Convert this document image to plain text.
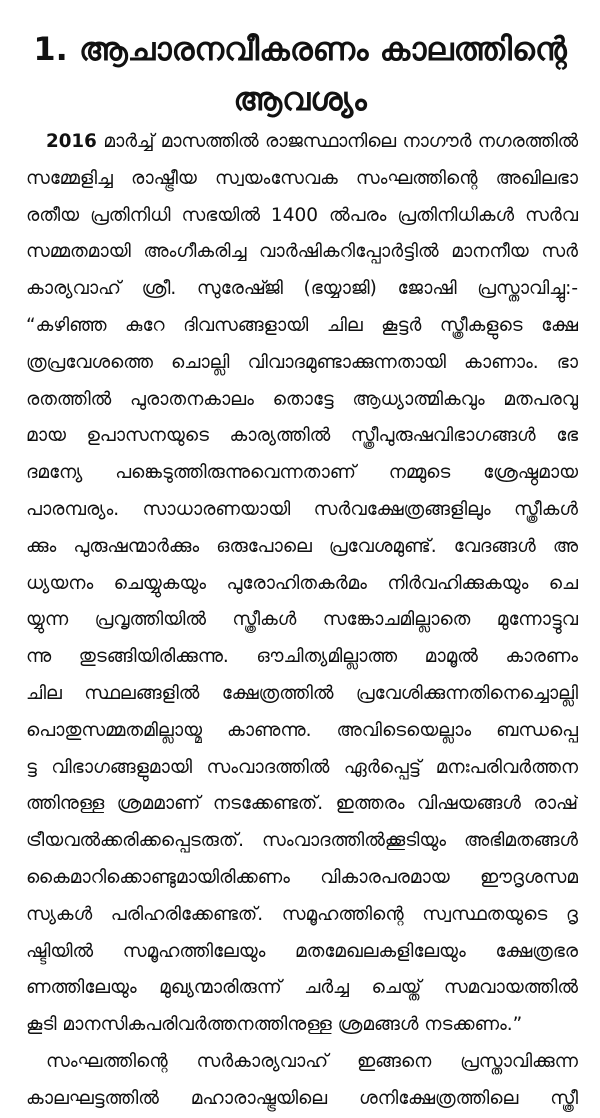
1. ആചാരനവീകരണം കാലത്തിന്റെ
ആവശ്യം
2016 മാർച്ച് മാസത്തിൽ രാജസ്ഥാനിലെ നാഗൗർ നഗരത്തിൽ
സമ്മേളിച്ച രാഷ്ട്രീയ സ്വയംസേവക സംഘത്തിന്റെ അഖിലഭാ
രതീയ പ്രതിനിധി സഭയിൽ 1400 ൽപരം പ്രതിനിധികൾ സർവ
സമ്മതമായി അംഗീകരിച്ച വാർഷികറിപ്പോർട്ടിൽ മാനനീയ സർ
കാര്യവാഹ് ശ്രീ. സുരേഷ്ജി (ഭയ്യാജി) ജോഷി പ്രസ്താവിച്ചു:-
“കഴിഞ്ഞ കുറേ ദിവസങ്ങളായി ചില കൂട്ടർ സ്ത്രീകളുടെ ക്ഷേ
ത്രപ്രവേശത്തെ ചൊല്ലി വിവാദമുണ്ടാക്കുന്നതായി കാണാം. ഭാ
രതത്തിൽ പുരാതനകാലം തൊട്ടേ ആധ്യാത്മികവും മതപരവു
മായ ഉപാസനയുടെ കാര്യത്തിൽ സ്ത്രീപുരുഷവിഭാഗങ്ങൾ ഭേ
ദമന്യേ പങ്കെടുത്തിരുന്നുവെന്നതാണ് നമ്മുടെ ശ്രേഷ്ഠമായ
പാരമ്പര്യം. സാധാരണയായി സർവക്ഷേത്രങ്ങളിലും സ്ത്രീകൾ
ക്കും പുരുഷന്മാർക്കും ഒരുപോലെ പ്രവേശമുണ്ട്. വേദങ്ങൾ അ
ധ്യയനം ചെയ്യുകയും പുരോഹിതകർമം നിർവഹിക്കുകയും ചെ
യ്യുന്ന പ്രവൃത്തിയിൽ സ്ത്രീകൾ സങ്കോചമില്ലാതെ മുന്നോട്ടുവ
ന്നു തുടങ്ങിയിരിക്കുന്നു. ഔചിത്യമില്ലാത്ത മാമൂൽ കാരണം
ചില സ്ഥലങ്ങളിൽ ക്ഷേത്രത്തിൽ പ്രവേശിക്കുന്നതിനെച്ചൊല്ലി
പൊതുസമ്മതമില്ലായ്മ കാണുന്നു. അവിടെയെല്ലാം ബന്ധപ്പെ
ട്ട വിഭാഗങ്ങളുമായി സംവാദത്തിൽ ഏർപ്പെട്ട് മനഃപരിവർത്തന
ത്തിനുള്ള ശ്രമമാണ് നടക്കേണ്ടത്. ഇത്തരം വിഷയങ്ങൾ രാഷ്
ട്രീയവൽക്കരിക്കപ്പെടരുത്. സംവാദത്തിൽക്കൂടിയും അഭിമതങ്ങൾ
കൈമാറിക്കൊണ്ടുമായിരിക്കണം വികാരപരമായ ഈദൃശസമ
സ്യകൾ പരിഹരിക്കേണ്ടത്. സമൂഹത്തിന്റെ സ്വസ്ഥതയുടെ ദൃ
ഷ്ടിയിൽ സമൂഹത്തിലേയും മതമേഖലകളിലേയും ക്ഷേത്രഭര
ണത്തിലേയും മുഖ്യന്മാരിരുന്ന് ചർച്ച ചെയ്ത് സമവായത്തിൽ
കൂടി മാനസികപരിവർത്തനത്തിനുള്ള ശ്രമങ്ങൾ നടക്കണം.”
സംഘത്തിന്റെ സർകാര്യവാഹ് ഇങ്ങനെ പ്രസ്താവിക്കുന്ന
കാലഘട്ടത്തിൽ മഹാരാഷ്ട്രയിലെ ശനിക്ഷേത്രത്തിലെ സ്ത്രീ
